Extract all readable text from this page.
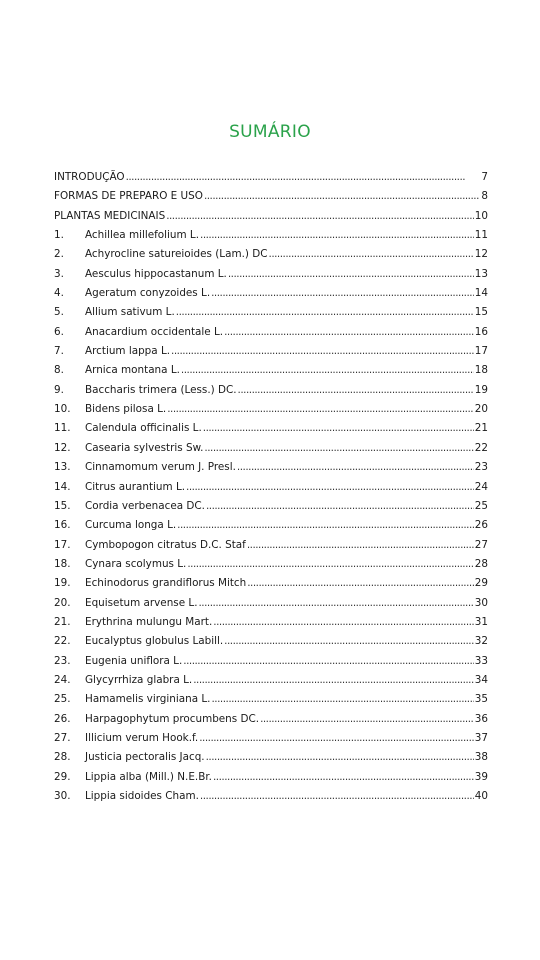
SUMÁRIO
INTRODUÇÃO . . .	7
FORMAS DE PREPARO E USO . . .	8
PLANTAS MEDICINAIS . . .	10
1.	Achillea millefolium L. . . .	11
2.	Achyrocline satureioides (Lam.) DC . . .	12
3.	Aesculus hippocastanum L. . . .	13
4.	Ageratum conyzoides L. . . .	14
5.	Allium sativum L. . . .	15
6.	Anacardium occidentale L. . . .	16
7.	Arctium lappa L. . . .	17
8.	Arnica montana L. . . .	18
9.	Baccharis trimera (Less.) DC. . . .	19
10.	Bidens pilosa L. . . .	20
11.	Calendula officinalis L. . . .	21
12.	Casearia sylvestris Sw. . . .	22
13.	Cinnamomum verum J. Presl. . . .	23
14.	Citrus aurantium L. . . .	24
15.	Cordia verbenacea DC. . . .	25
16.	Curcuma longa L. . . .	26
17.	Cymbopogon citratus D.C. Staf . . .	27
18.	Cynara scolymus L. . . .	28
19.	Echinodorus grandiflorus Mitch . . .	29
20.	Equisetum arvense L. . . .	30
21.	Erythrina mulungu Mart. . . .	31
22.	Eucalyptus globulus Labill. . . .	32
23.	Eugenia uniflora L. . . .	33
24.	Glycyrrhiza glabra L. . . .	34
25.	Hamamelis virginiana L. . . .	35
26.	Harpagophytum procumbens DC. . . .	36
27.	Illicium verum Hook.f. . . .	37
28.	Justicia pectoralis Jacq. . . .	38
29.	Lippia alba (Mill.) N.E.Br. . . .	39
30.	Lippia sidoides Cham. . . .	40
